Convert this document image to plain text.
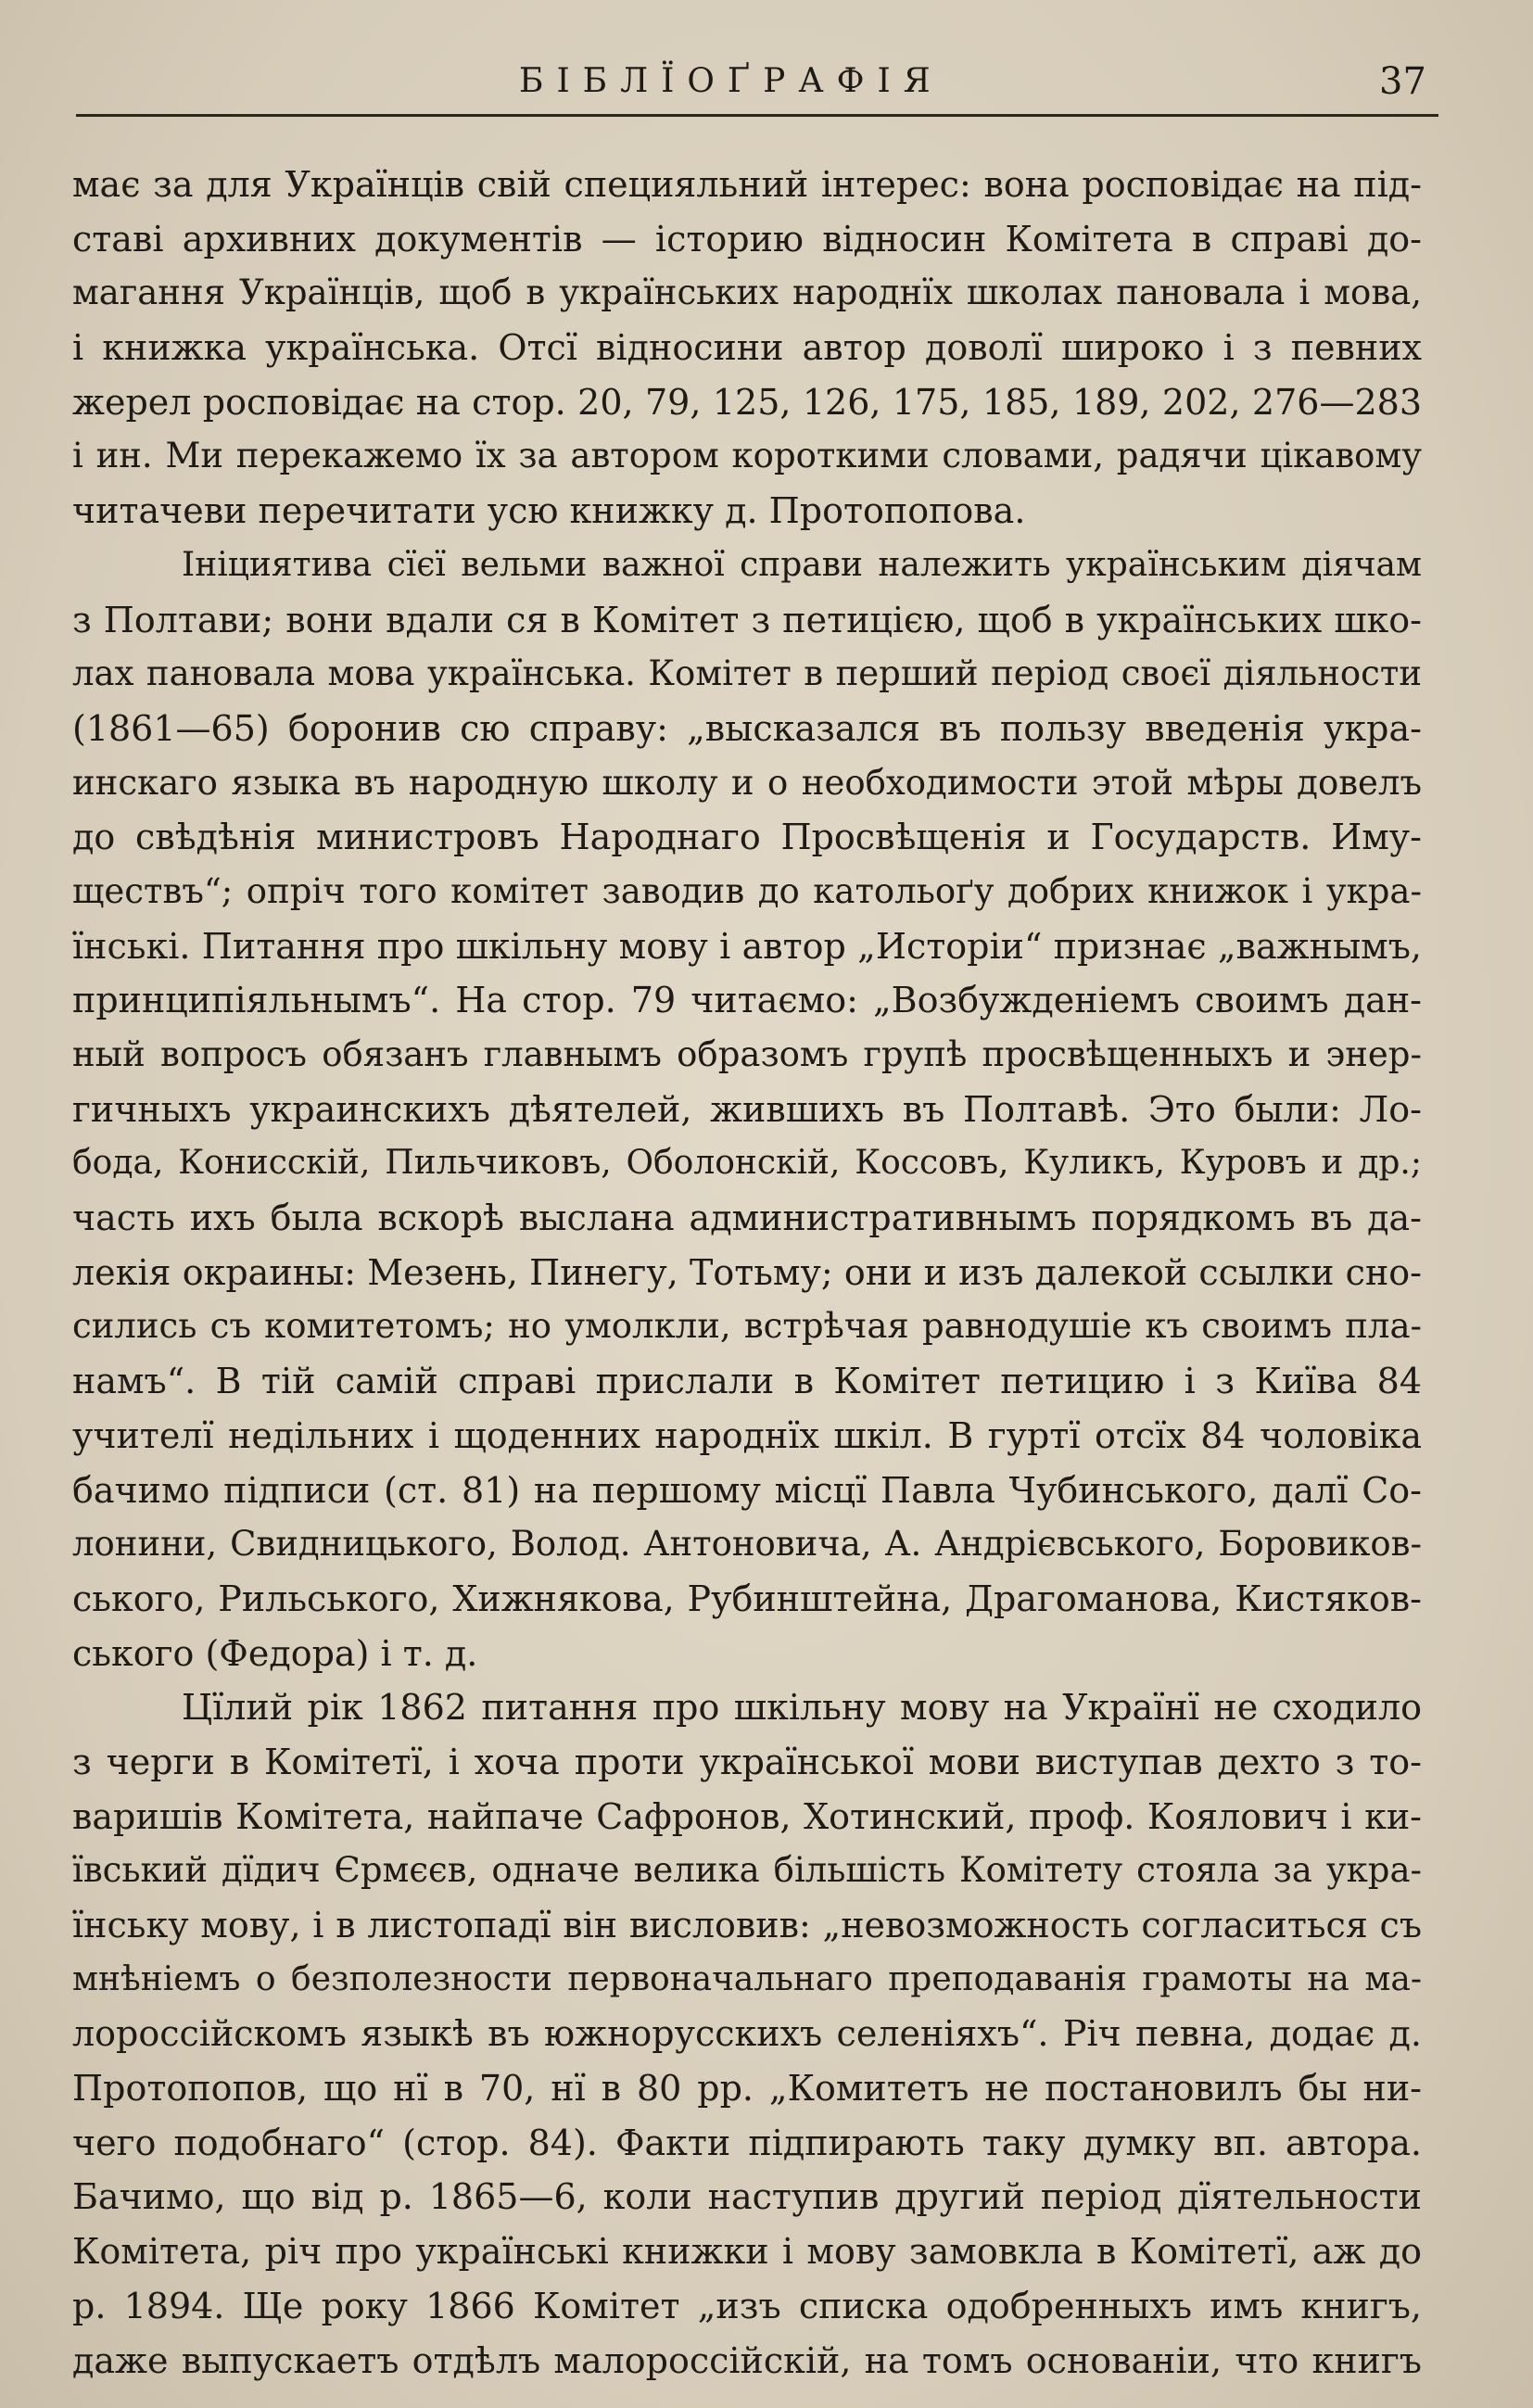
БІБЛЇОҐРАФІЯ	37
має за для Українців свій специяльний інтерес: вона росповідає на під-
ставі архивних документів — історию відносин Комітета в справі до-
магання Українців, щоб в українських народнїх школах пановала і мова,
і книжка українська. Отсї відносини автор доволї широко і з певних
жерел росповідає на стор. 20, 79, 125, 126, 175, 185, 189, 202, 276—283
і ин. Ми перекажемо їх за автором короткими словами, радячи цікавому
читачеви перечитати усю книжку д. Протопопова.
Ініциятива сїєї вельми важної справи належить українським діячам
з Полтави; вони вдали ся в Комітет з петицією, щоб в українських шко-
лах пановала мова українська. Комітет в перший період своєї діяльности
(1861—65) боронив сю справу: „высказался въ пользу введенія укра-
инскаго языка въ народную школу и о необходимости этой мѣры довелъ
до свѣдѣнія министровъ Народнаго Просвѣщенія и Государств. Иму-
ществъ“; опріч того комітет заводив до катольоґу добрих книжок і укра-
їнські. Питання про шкільну мову і автор „Исторіи“ признає „важнымъ,
принципіяльнымъ“. На стор. 79 читаємо: „Возбужденіемъ своимъ дан-
ный вопросъ обязанъ главнымъ образомъ групѣ просвѣщенныхъ и энер-
гичныхъ украинскихъ дѣятелей, жившихъ въ Полтавѣ. Это были: Ло-
бода, Кониcскій, Пильчиковъ, Оболонскій, Коссовъ, Куликъ, Куровъ и др.;
часть ихъ была вскорѣ выслана административнымъ порядкомъ въ да-
лекія окраины: Мезень, Пинегу, Тотьму; они и изъ далекой ссылки сно-
сились съ комитетомъ; но умолкли, встрѣчая равнодушіе къ своимъ пла-
намъ“. В тій самій справі прислали в Комітет петицию і з Київа 84
учителї недільних і щоденних народнїх шкіл. В гуртї отсїх 84 чоловіка
бачимо підписи (ст. 81) на першому місцї Павла Чубинського, далї Со-
лонини, Свидницького, Волод. Антоновича, А. Андрієвського, Боровиков-
ського, Рильського, Хижнякова, Рубинштейна, Драгоманова, Кистяков-
ського (Федора) і т. д.
Цїлий рік 1862 питання про шкільну мову на Українї не сходило
з черги в Комітетї, і хоча проти української мови виступав дехто з то-
варишів Комітета, найпаче Сафронов, Хотинский, проф. Коялович і ки-
ївський дїдич Єрмєєв, одначе велика більшість Комітету стояла за укра-
їнську мову, і в листопадї він висловив: „невозможность согласиться съ
мнѣніемъ о безполезности первоначальнаго преподаванія грамоты на ма-
лороссійскомъ языкѣ въ южнорусскихъ селеніяхъ“. Річ певна, додає д.
Протопопов, що нї в 70, нї в 80 рр. „Комитетъ не постановилъ бы ни-
чего подобнаго“ (стор. 84). Факти підпирають таку думку вп. автора.
Бачимо, що від р. 1865—6, коли наступив другий період дїятельности
Комітета, річ про українські книжки і мову замовкла в Комітетї, аж до
р. 1894. Ще року 1866 Комітет „изъ списка одобренныхъ имъ книгъ,
даже выпускаетъ отдѣлъ малороссійскій, на томъ основаніи, что книгъ
